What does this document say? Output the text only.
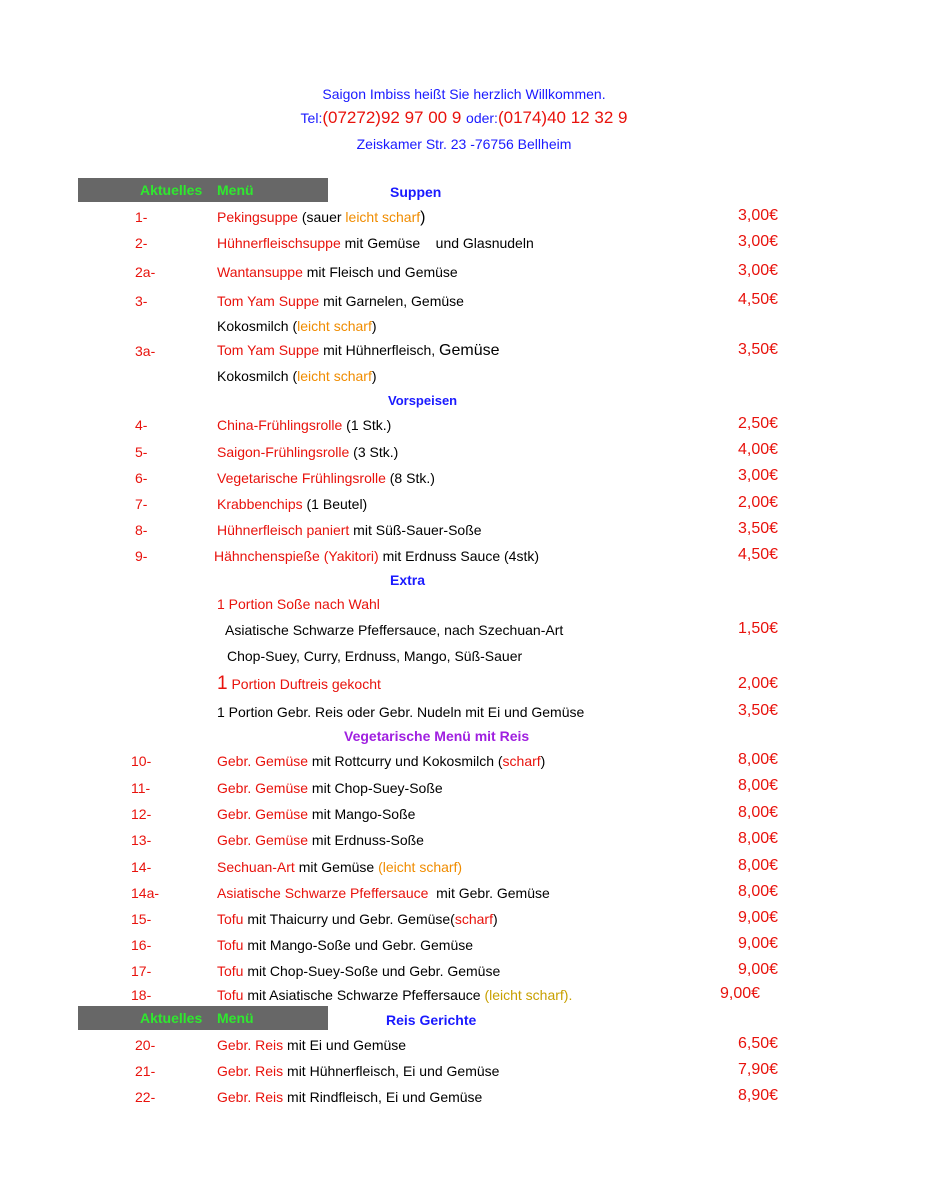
Saigon Imbiss heißt Sie herzlich Willkommen.
Tel:(07272)92 97 00 9 oder:(0174)40 12 32 9
Zeiskamer Str. 23 -76756 Bellheim
Aktuelles Menü	Suppen
1-	Pekingsuppe (sauer leicht scharf)	3,00€
2-	Hühnerfleischsuppe mit Gemüse    und Glasnudeln	3,00€
2a-	Wantansuppe mit Fleisch und Gemüse	3,00€
3-	Tom Yam Suppe mit Garnelen, Gemüse	4,50€
Kokosmilch (leicht scharf)
3a-	Tom Yam Suppe mit Hühnerfleisch, Gemüse	3,50€
Kokosmilch (leicht scharf)
Vorspeisen
4-	China-Frühlingsrolle (1 Stk.)	2,50€
5-	Saigon-Frühlingsrolle (3 Stk.)	4,00€
6-	Vegetarische Frühlingsrolle (8 Stk.)	3,00€
7-	Krabbenchips (1 Beutel)	2,00€
8-	Hühnerfleisch paniert mit Süß-Sauer-Soße	3,50€
9-	Hähnchenspieße (Yakitori) mit Erdnuss Sauce (4stk)	4,50€
Extra
1 Portion Soße nach Wahl
Asiatische Schwarze Pfeffersauce, nach Szechuan-Art	1,50€
Chop-Suey, Curry, Erdnuss, Mango, Süß-Sauer
1 Portion Duftreis gekocht	2,00€
1 Portion Gebr. Reis oder Gebr. Nudeln mit Ei und Gemüse	3,50€
Vegetarische Menü mit Reis
10-	Gebr. Gemüse mit Rottcurry und Kokosmilch (scharf)	8,00€
11-	Gebr. Gemüse mit Chop-Suey-Soße	8,00€
12-	Gebr. Gemüse mit Mango-Soße	8,00€
13-	Gebr. Gemüse mit Erdnuss-Soße	8,00€
14-	Sechuan-Art mit Gemüse (leicht scharf)	8,00€
14a-	Asiatische Schwarze Pfeffersauce  mit Gebr. Gemüse	8,00€
15-	Tofu mit Thaicurry und Gebr. Gemüse(scharf)	9,00€
16-	Tofu mit Mango-Soße und Gebr. Gemüse	9,00€
17-	Tofu mit Chop-Suey-Soße und Gebr. Gemüse	9,00€
18-	Tofu mit Asiatische Schwarze Pfeffersauce (leicht scharf).	9,00€
Aktuelles Menü	Reis Gerichte
20-	Gebr. Reis mit Ei und Gemüse	6,50€
21-	Gebr. Reis mit Hühnerfleisch, Ei und Gemüse	7,90€
22-	Gebr. Reis mit Rindfleisch, Ei und Gemüse	8,90€
